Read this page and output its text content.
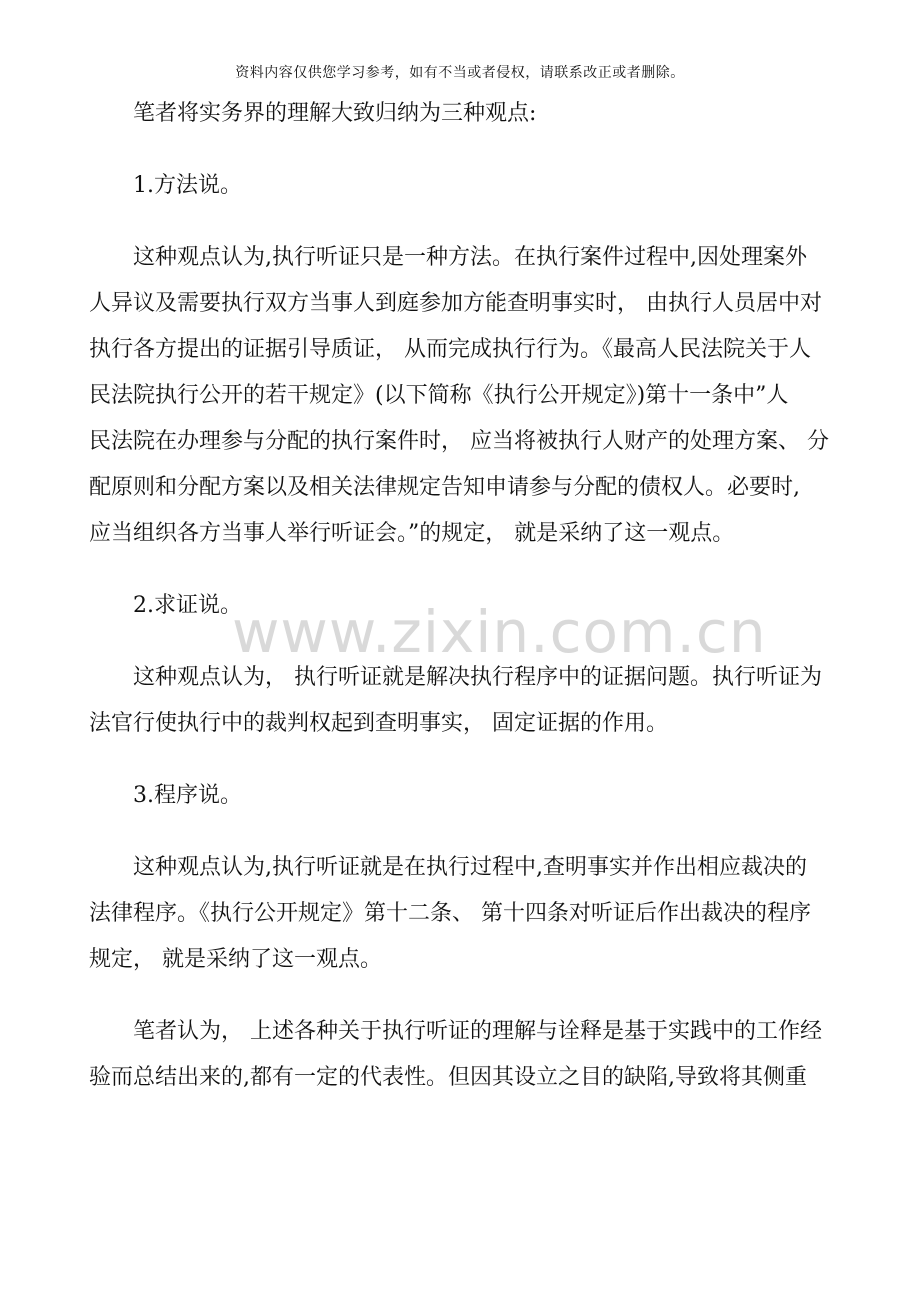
资料内容仅供您学习参考，如有不当或者侵权，请联系改正或者删除。
www.zixin.com.cn
笔者将实务界的理解大致归纳为三种观点:
1.方法说。
这种观点认为,执行听证只是一种方法。在执行案件过程中,因处理案外
人异议及需要执行双方当事人到庭参加方能查明事实时， 由执行人员居中对
执行各方提出的证据引导质证， 从而完成执行行为。《最高人民法院关于人
民法院执行公开的若干规定》(以下简称《执行公开规定》)第十一条中”人
民法院在办理参与分配的执行案件时， 应当将被执行人财产的处理方案、 分
配原则和分配方案以及相关法律规定告知申请参与分配的债权人。必要时,
应当组织各方当事人举行听证会。”的规定， 就是采纳了这一观点。
2.求证说。
这种观点认为， 执行听证就是解决执行程序中的证据问题。执行听证为
法官行使执行中的裁判权起到查明事实， 固定证据的作用。
3.程序说。
这种观点认为,执行听证就是在执行过程中,查明事实并作出相应裁决的
法律程序。《执行公开规定》第十二条、 第十四条对听证后作出裁决的程序
规定， 就是采纳了这一观点。
笔者认为， 上述各种关于执行听证的理解与诠释是基于实践中的工作经
验而总结出来的,都有一定的代表性。但因其设立之目的缺陷,导致将其侧重
